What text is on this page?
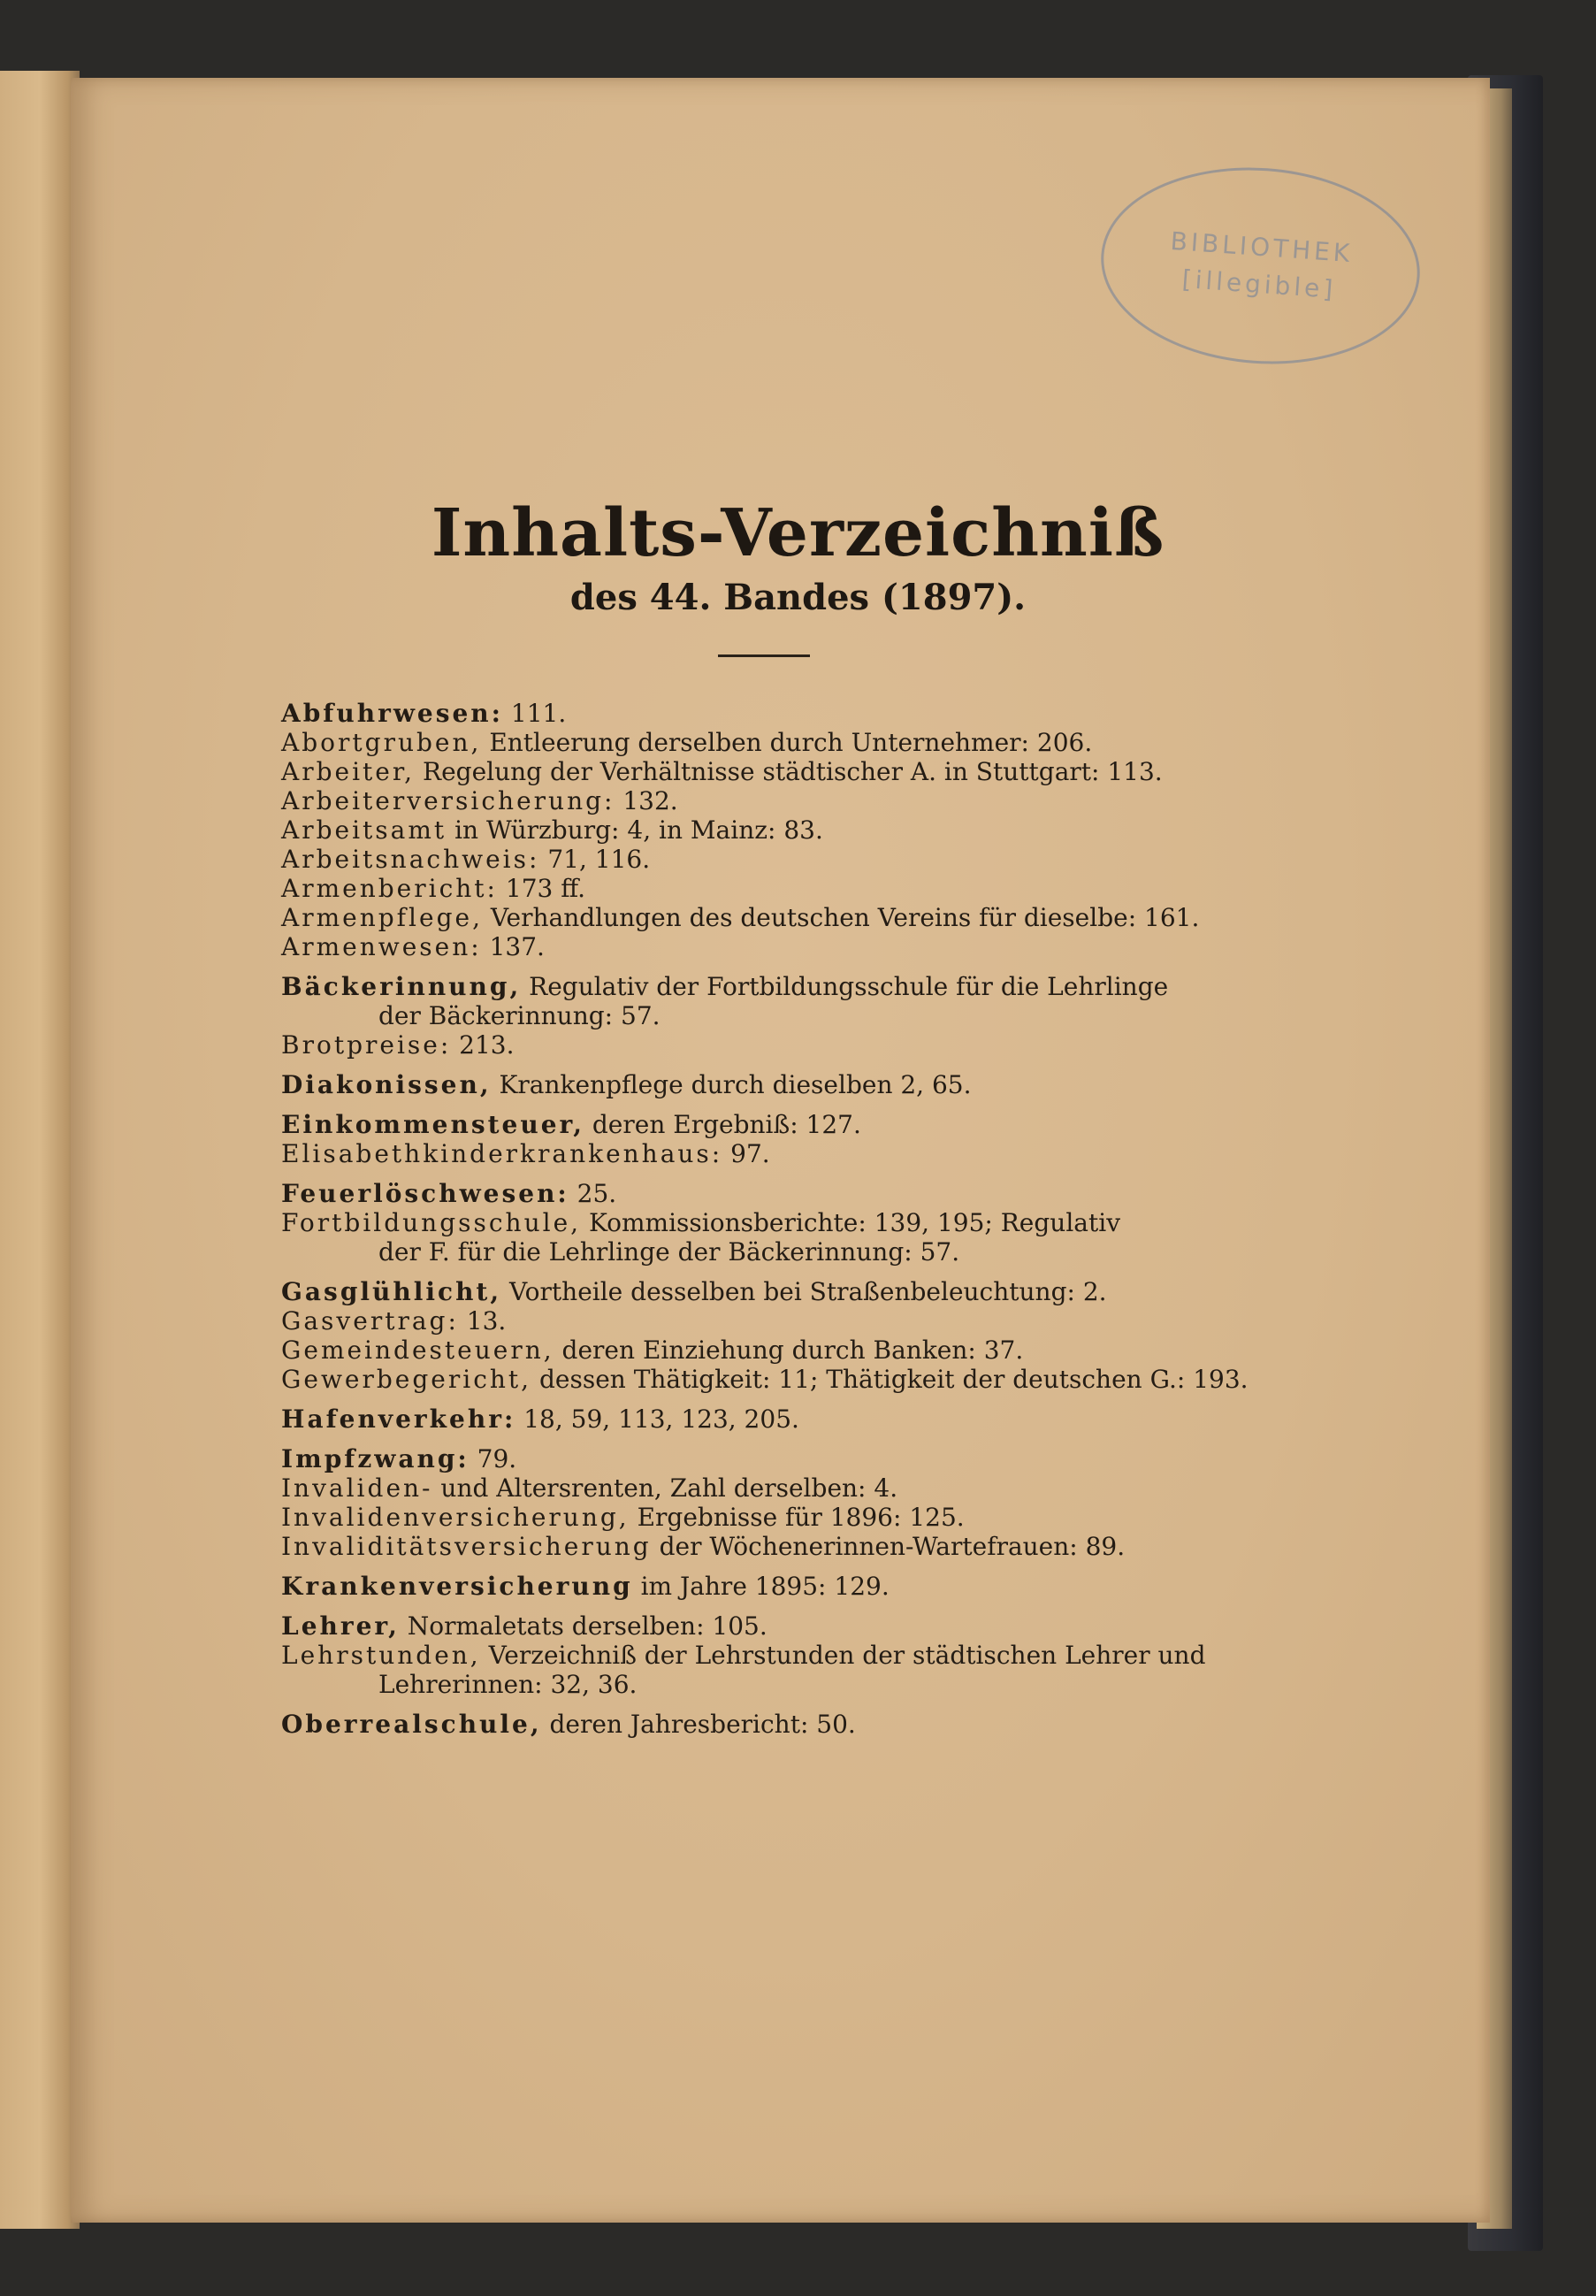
BIBLIOTHEK
[illegible]
Inhalts-Verzeichniß
des 44. Bandes (1897).
Abfuhrwesen: 111.
Abortgruben, Entleerung derselben durch Unternehmer: 206.
Arbeiter, Regelung der Verhältnisse städtischer A. in Stuttgart: 113.
Arbeiterversicherung: 132.
Arbeitsamt in Würzburg: 4, in Mainz: 83.
Arbeitsnachweis: 71, 116.
Armenbericht: 173 ff.
Armenpflege, Verhandlungen des deutschen Vereins für dieselbe: 161.
Armenwesen: 137.
Bäckerinnung, Regulativ der Fortbildungsschule für die Lehrlinge
der Bäckerinnung: 57.
Brotpreise: 213.
Diakonissen, Krankenpflege durch dieselben 2, 65.
Einkommensteuer, deren Ergebniß: 127.
Elisabethkinderkrankenhaus: 97.
Feuerlöschwesen: 25.
Fortbildungsschule, Kommissionsberichte: 139, 195; Regulativ
der F. für die Lehrlinge der Bäckerinnung: 57.
Gasglühlicht, Vortheile desselben bei Straßenbeleuchtung: 2.
Gasvertrag: 13.
Gemeindesteuern, deren Einziehung durch Banken: 37.
Gewerbegericht, dessen Thätigkeit: 11; Thätigkeit der deutschen G.: 193.
Hafenverkehr: 18, 59, 113, 123, 205.
Impfzwang: 79.
Invaliden- und Altersrenten, Zahl derselben: 4.
Invalidenversicherung, Ergebnisse für 1896: 125.
Invaliditätsversicherung der Wöchenerinnen-Wartefrauen: 89.
Krankenversicherung im Jahre 1895: 129.
Lehrer, Normaletats derselben: 105.
Lehrstunden, Verzeichniß der Lehrstunden der städtischen Lehrer und
Lehrerinnen: 32, 36.
Oberrealschule, deren Jahresbericht: 50.
